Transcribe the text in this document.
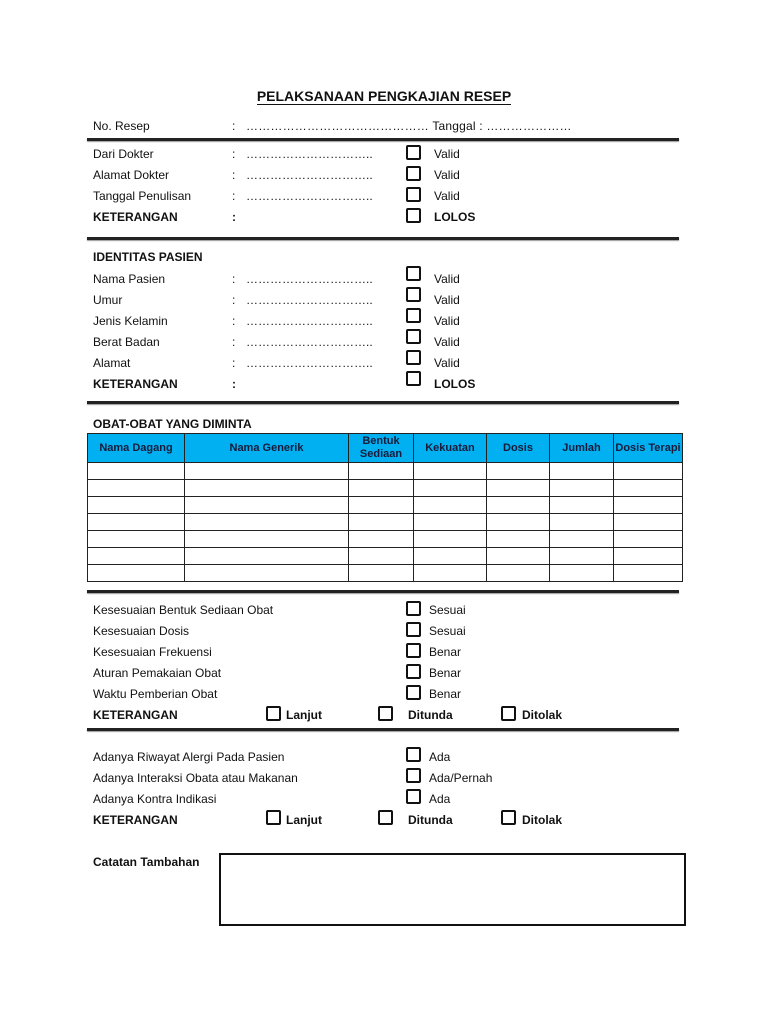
PELAKSANAAN PENGKAJIAN RESEP
No. Resep	: ……………………………………… Tanggal : …………………
Dari Dokter	: …………………………..	Valid
Alamat Dokter	: …………………………..	Valid
Tanggal Penulisan	: …………………………..	Valid
KETERANGAN	:	LOLOS
IDENTITAS PASIEN
Nama Pasien	: …………………………..	Valid
Umur	: …………………………..	Valid
Jenis Kelamin	: …………………………..	Valid
Berat Badan	: …………………………..	Valid
Alamat	: …………………………..	Valid
KETERANGAN	:	LOLOS
OBAT-OBAT YANG DIMINTA
Nama Dagang	Nama Generik	Bentuk Sediaan	Kekuatan	Dosis	Jumlah	Dosis Terapi

Kesesuaian Bentuk Sediaan Obat	Sesuai
Kesesuaian Dosis	Sesuai
Kesesuaian Frekuensi	Benar
Aturan Pemakaian Obat	Benar
Waktu Pemberian Obat	Benar
KETERANGAN	Lanjut	Ditunda	Ditolak
Adanya Riwayat Alergi Pada Pasien	Ada
Adanya Interaksi Obata atau Makanan	Ada/Pernah
Adanya Kontra Indikasi	Ada
KETERANGAN	Lanjut	Ditunda	Ditolak
Catatan Tambahan
